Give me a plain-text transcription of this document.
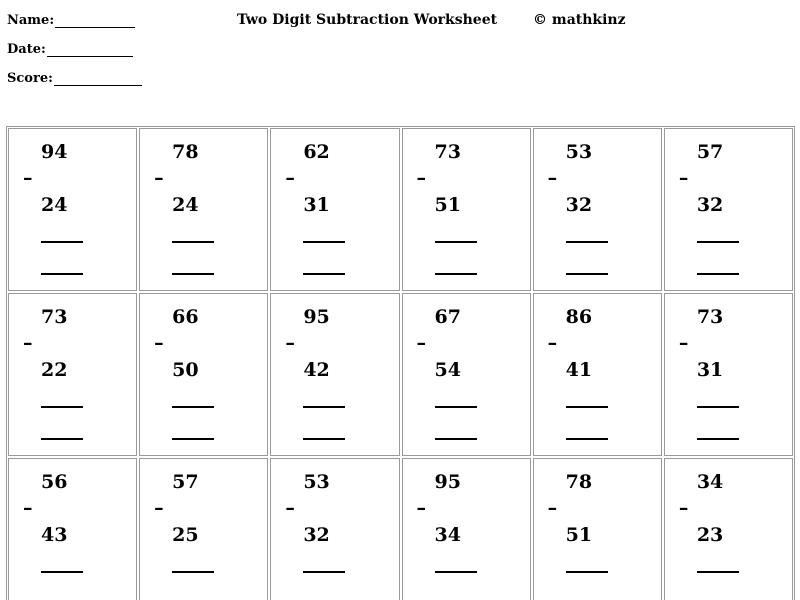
Name:
Date:
Score:
Two Digit Subtraction Worksheet	© mathkinz
94
–
24
78
–
24
62
–
31
73
–
51
53
–
32
57
–
32
73
–
22
66
–
50
95
–
42
67
–
54
86
–
41
73
–
31
56
–
43
57
–
25
53
–
32
95
–
34
78
–
51
34
–
23
